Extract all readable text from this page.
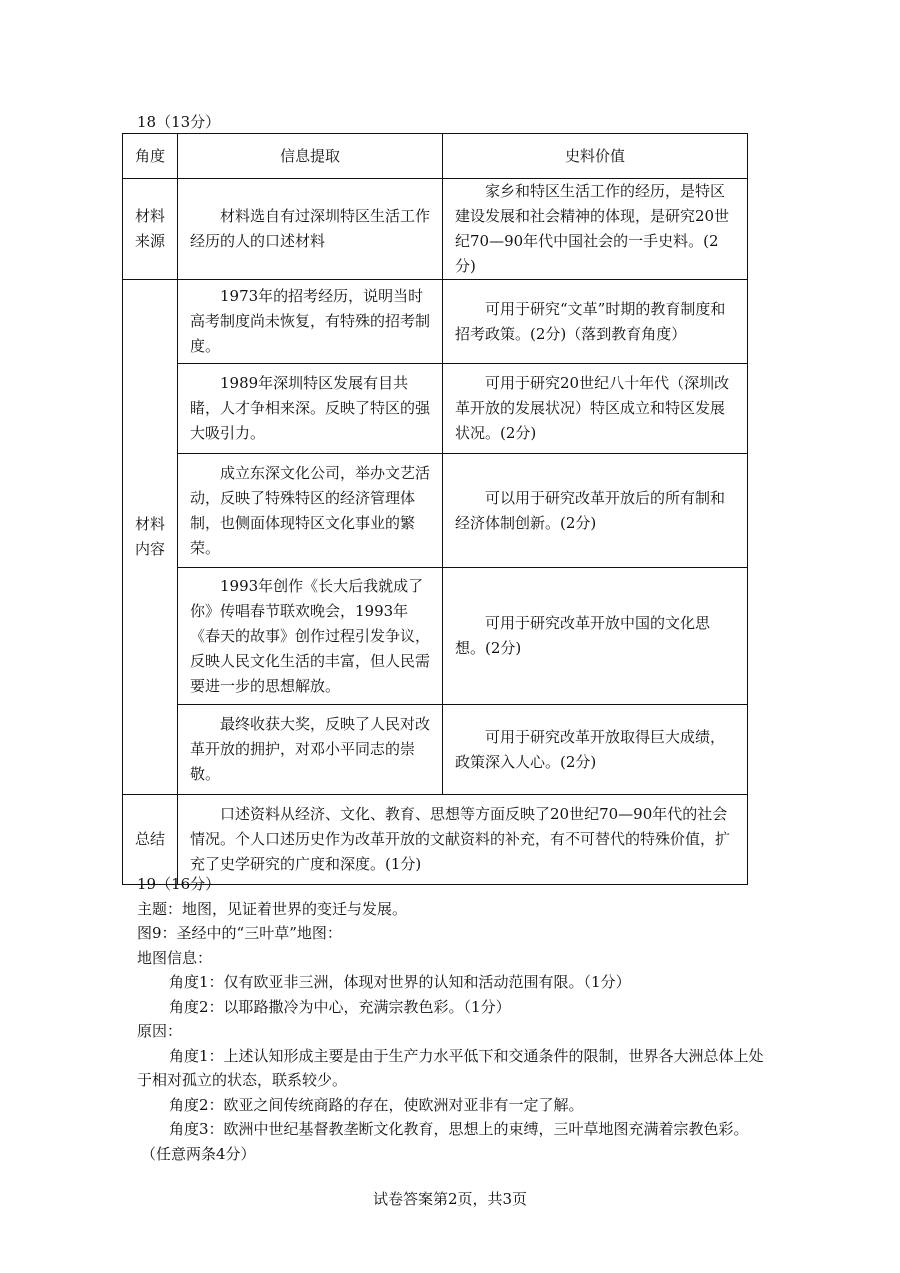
18（13分）
角度	信息提取	史料价值

材料
来源	材料选自有过深圳特区生活工作经历的人的口述材料	家乡和特区生活工作的经历，是特区建设发展和社会精神的体现，是研究20世纪70—90年代中国社会的一手史料。(2分)

材料
内容	1973年的招考经历，说明当时高考制度尚未恢复，有特殊的招考制度。	可用于研究“文革”时期的教育制度和招考政策。(2分)（落到教育角度）
	1989年深圳特区发展有目共睹，人才争相来深。反映了特区的强大吸引力。	可用于研究20世纪八十年代（深圳改革开放的发展状况）特区成立和特区发展状况。(2分)
	成立东深文化公司，举办文艺活动，反映了特殊特区的经济管理体制，也侧面体现特区文化事业的繁荣。	可以用于研究改革开放后的所有制和经济体制创新。(2分)
	1993年创作《长大后我就成了你》传唱春节联欢晚会，1993年《春天的故事》创作过程引发争议，反映人民文化生活的丰富，但人民需要进一步的思想解放。	可用于研究改革开放中国的文化思想。(2分)
	最终收获大奖，反映了人民对改革开放的拥护，对邓小平同志的崇敬。	可用于研究改革开放取得巨大成绩，政策深入人心。(2分)
总结	口述资料从经济、文化、教育、思想等方面反映了20世纪70—90年代的社会情况。个人口述历史作为改革开放的文献资料的补充，有不可替代的特殊价值，扩充了史学研究的广度和深度。(1分)	

19（16分）

主题：地图，见证着世界的变迁与发展。

图9：圣经中的“三叶草”地图：

地图信息：

角度1：仅有欧亚非三洲，体现对世界的认知和活动范围有限。（1分）

角度2：以耶路撒冷为中心，充满宗教色彩。（1分）

原因：

角度1：上述认知形成主要是由于生产力水平低下和交通条件的限制，世界各大洲总体上处于相对孤立的状态，联系较少。

角度2：欧亚之间传统商路的存在，使欧洲对亚非有一定了解。

角度3：欧洲中世纪基督教垄断文化教育，思想上的束缚，三叶草地图充满着宗教色彩。

（任意两条4分）

试卷答案第2页，共3页
